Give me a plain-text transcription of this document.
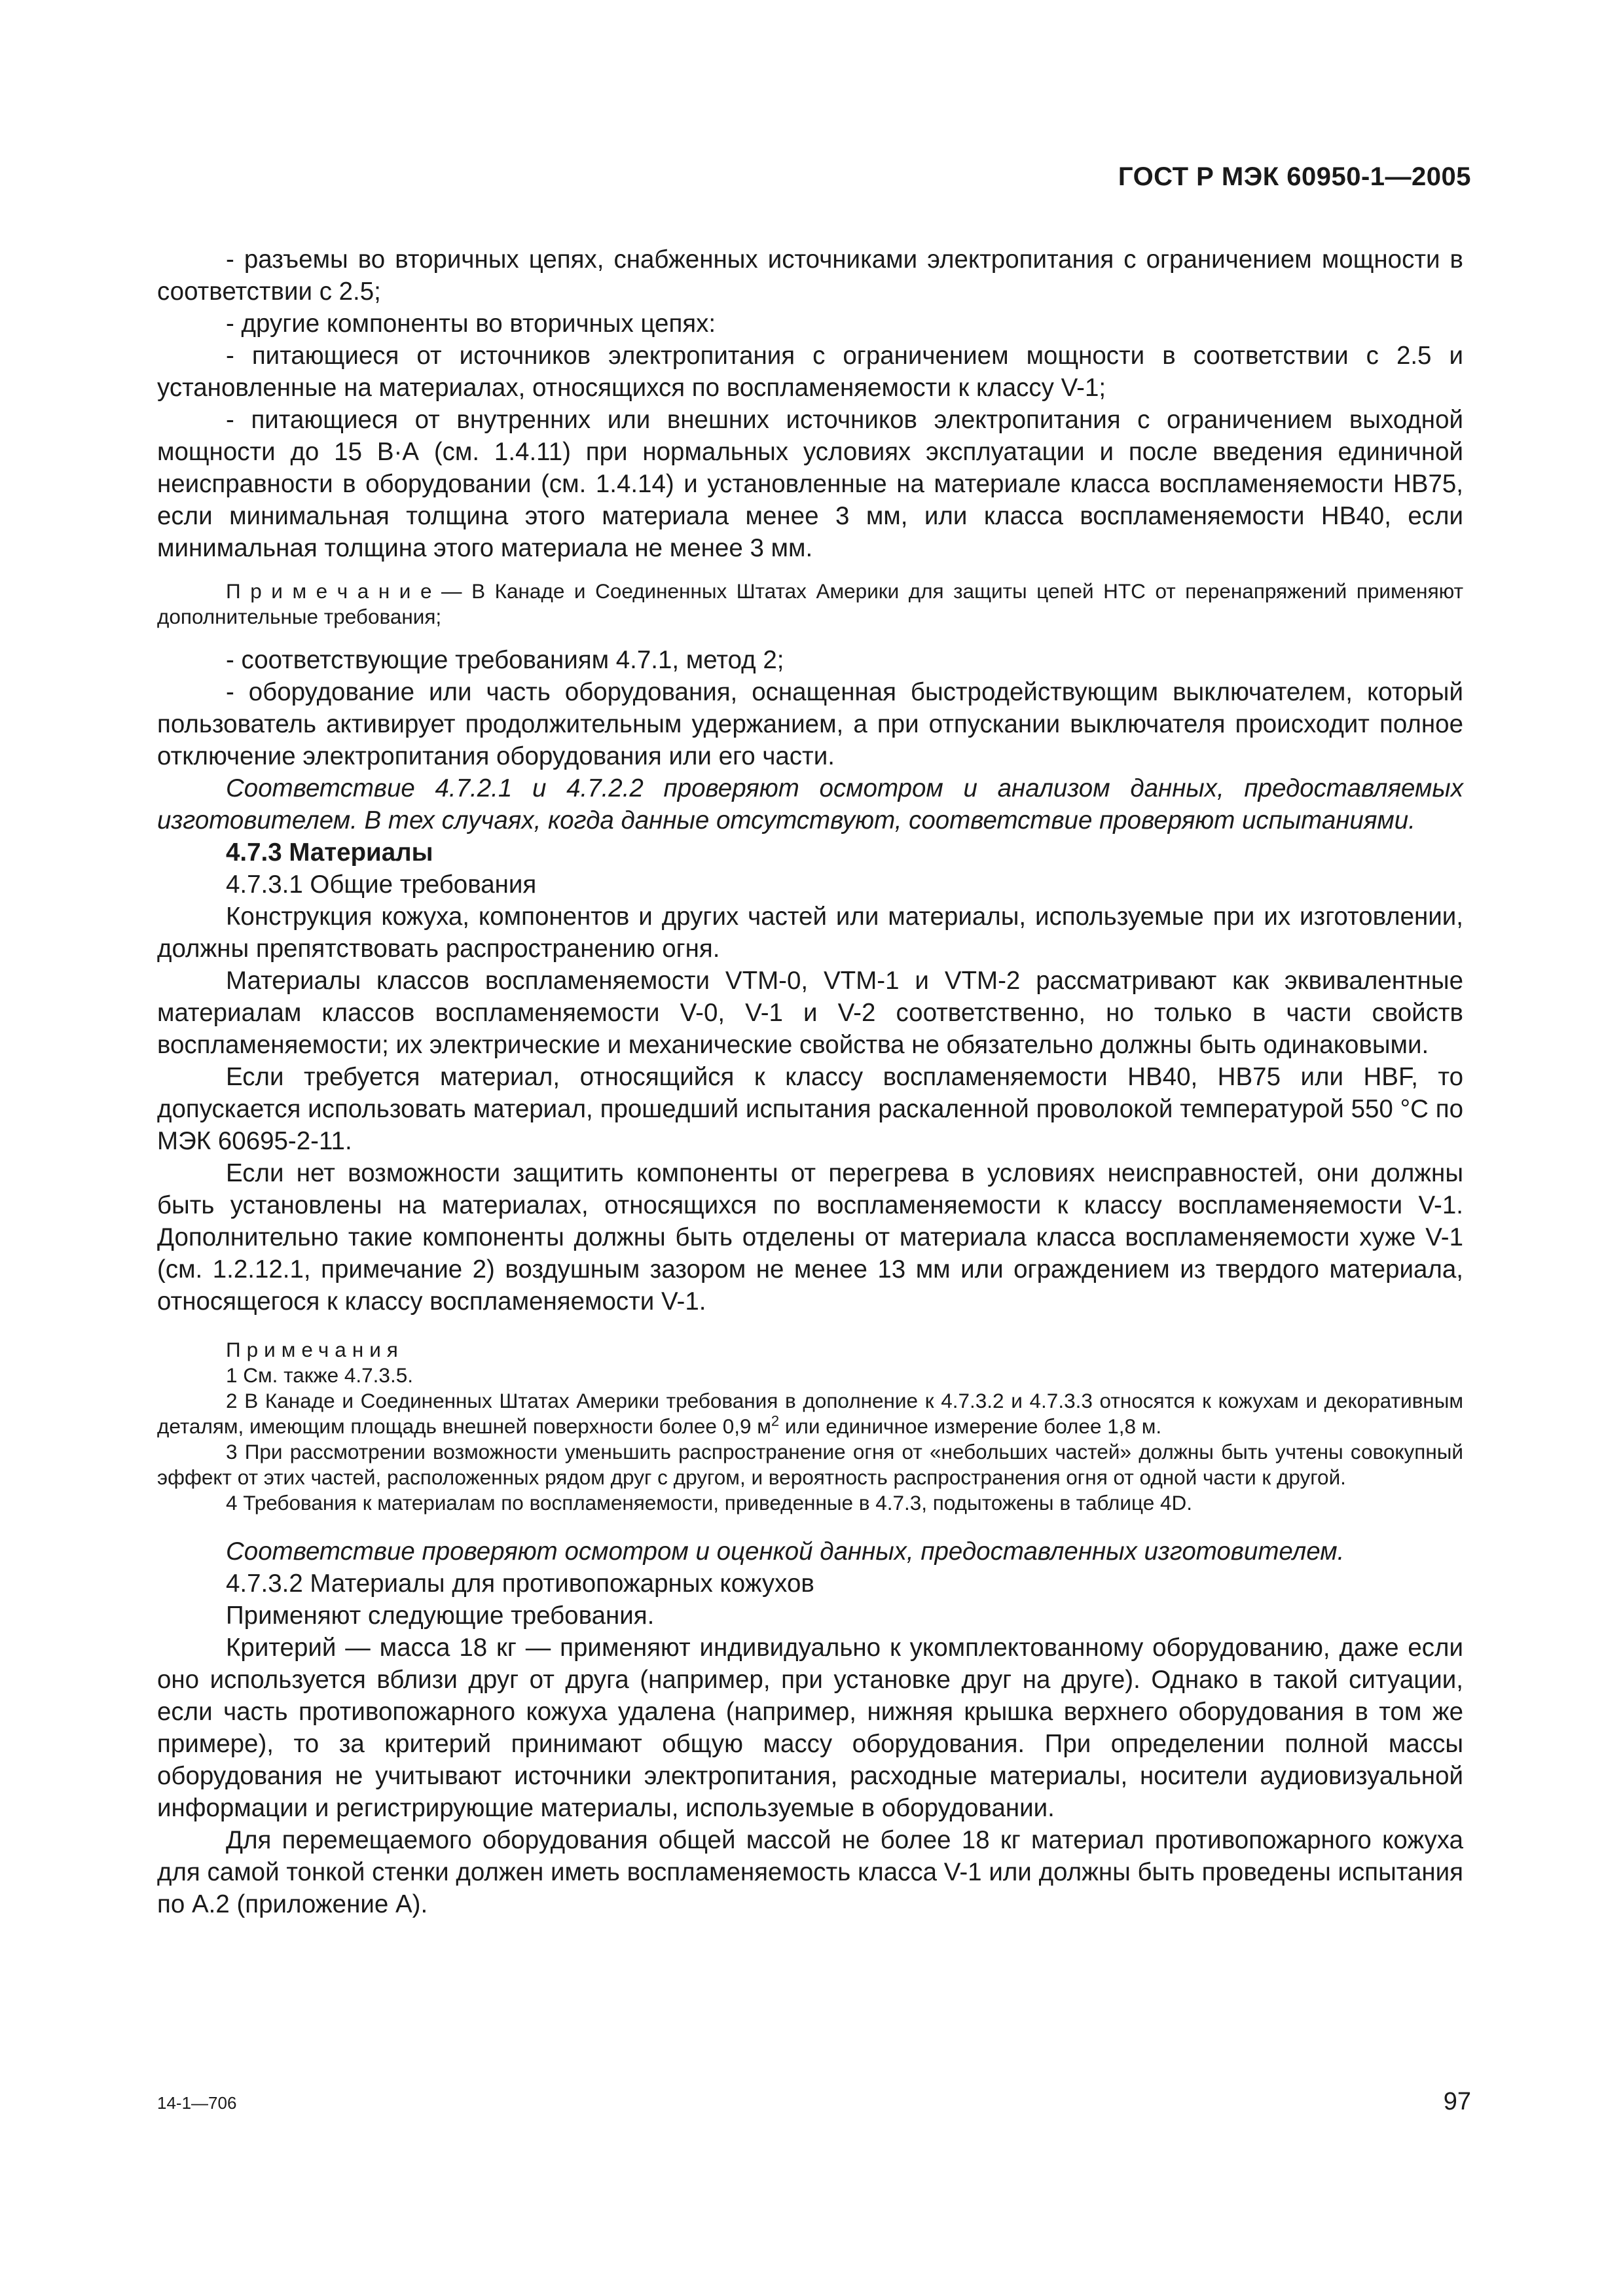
ГОСТ Р МЭК 60950-1—2005

- разъемы во вторичных цепях, снабженных источниками электропитания с ограничением мощности в соответствии с 2.5;

- другие компоненты во вторичных цепях:

- питающиеся от источников электропитания с ограничением мощности в соответствии с 2.5 и установленные на материалах, относящихся по воспламеняемости к классу V-1;

- питающиеся от внутренних или внешних источников электропитания с ограничением выходной мощности до 15 В·А (см. 1.4.11) при нормальных условиях эксплуатации и после введения единичной неисправности в оборудовании (см. 1.4.14) и установленные на материале класса воспламеняемости НВ75, если минимальная толщина этого материала менее 3 мм, или класса воспламеняемости НВ40, если минимальная толщина этого материала не менее 3 мм.

П р и м е ч а н и е — В Канаде и Соединенных Штатах Америки для защиты цепей НТС от перенапряжений применяют дополнительные требования;

- соответствующие требованиям 4.7.1, метод 2;

- оборудование или часть оборудования, оснащенная быстродействующим выключателем, который пользователь активирует продолжительным удержанием, а при отпускании выключателя происходит полное отключение электропитания оборудования или его части.

Соответствие 4.7.2.1 и 4.7.2.2 проверяют осмотром и анализом данных, предоставляемых изготовителем. В тех случаях, когда данные отсутствуют, соответствие проверяют испытаниями.

4.7.3 Материалы

4.7.3.1 Общие требования

Конструкция кожуха, компонентов и других частей или материалы, используемые при их изготовлении, должны препятствовать распространению огня.

Материалы классов воспламеняемости VTM-0, VTM-1 и VTM-2 рассматривают как эквивалентные материалам классов воспламеняемости V-0, V-1 и V-2 соответственно, но только в части свойств воспламеняемости; их электрические и механические свойства не обязательно должны быть одинаковыми.

Если требуется материал, относящийся к классу воспламеняемости НВ40, НВ75 или HBF, то допускается использовать материал, прошедший испытания раскаленной проволокой температурой 550 °С по МЭК 60695-2-11.

Если нет возможности защитить компоненты от перегрева в условиях неисправностей, они должны быть установлены на материалах, относящихся по воспламеняемости к классу воспламеняемости V-1. Дополнительно такие компоненты должны быть отделены от материала класса воспламеняемости хуже V-1 (см. 1.2.12.1, примечание 2) воздушным зазором не менее 13 мм или ограждением из твердого материала, относящегося к классу воспламеняемости V-1.

Примечания

1 См. также 4.7.3.5.

2 В Канаде и Соединенных Штатах Америки требования в дополнение к 4.7.3.2 и 4.7.3.3 относятся к кожухам и декоративным деталям, имеющим площадь внешней поверхности более 0,9 $м^2$ или единичное измерение более 1,8 м.

3 При рассмотрении возможности уменьшить распространение огня от «небольших частей» должны быть учтены совокупный эффект от этих частей, расположенных рядом друг с другом, и вероятность распространения огня от одной части к другой.

4 Требования к материалам по воспламеняемости, приведенные в 4.7.3, подытожены в таблице 4D.

Соответствие проверяют осмотром и оценкой данных, предоставленных изготовителем.

4.7.3.2 Материалы для противопожарных кожухов

Применяют следующие требования.

Критерий — масса 18 кг — применяют индивидуально к укомплектованному оборудованию, даже если оно используется вблизи друг от друга (например, при установке друг на друге). Однако в такой ситуации, если часть противопожарного кожуха удалена (например, нижняя крышка верхнего оборудования в том же примере), то за критерий принимают общую массу оборудования. При определении полной массы оборудования не учитывают источники электропитания, расходные материалы, носители аудиовизуальной информации и регистрирующие материалы, используемые в оборудовании.

Для перемещаемого оборудования общей массой не более 18 кг материал противопожарного кожуха для самой тонкой стенки должен иметь воспламеняемость класса V-1 или должны быть проведены испытания по А.2 (приложение А).

14-1—706	97
